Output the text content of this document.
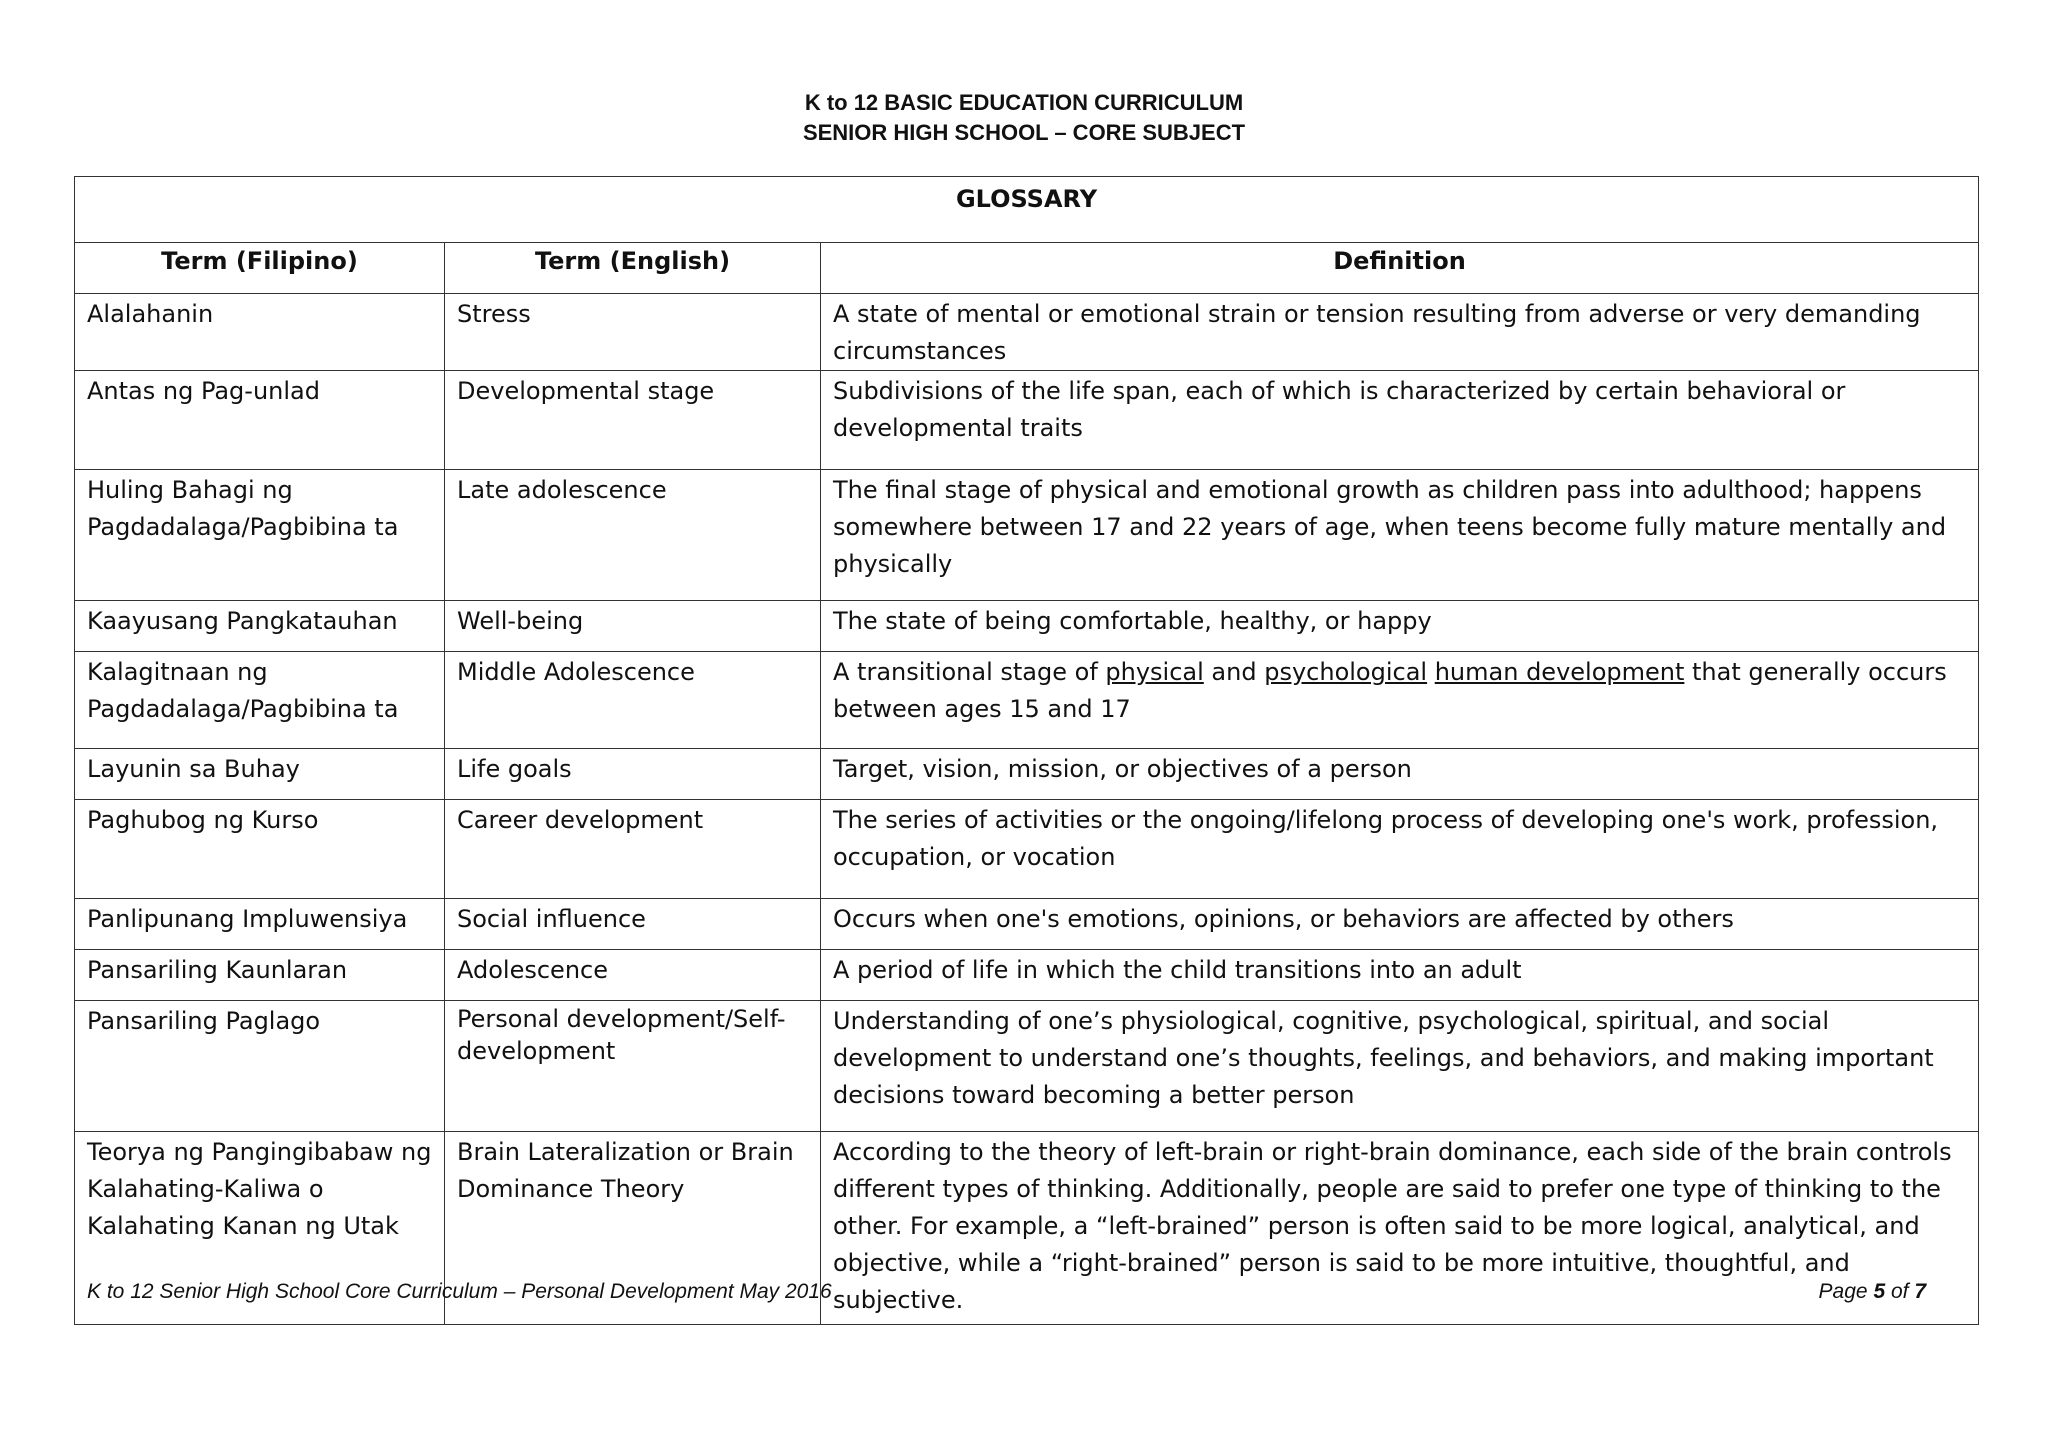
K to 12 BASIC EDUCATION CURRICULUM
SENIOR HIGH SCHOOL – CORE SUBJECT
GLOSSARY		
Term (Filipino)	Term (English)	Definition
Alalahanin	Stress	A state of mental or emotional strain or tension resulting from adverse or very demanding circumstances
Antas ng Pag-unlad	Developmental stage	Subdivisions of the life span, each of which is characterized by certain behavioral or developmental traits
Huling Bahagi ng Pagdadalaga/Pagbibina ta	Late adolescence	The final stage of physical and emotional growth as children pass into adulthood; happens somewhere between 17 and 22 years of age, when teens become fully mature mentally and physically
Kaayusang Pangkatauhan	Well-being	The state of being comfortable, healthy, or happy
Kalagitnaan ng Pagdadalaga/Pagbibina ta	Middle Adolescence	A transitional stage of physical and psychological human development that generally occurs between ages 15 and 17
Layunin sa Buhay	Life goals	Target, vision, mission, or objectives of a person
Paghubog ng Kurso	Career development	The series of activities or the ongoing/lifelong process of developing one's work, profession, occupation, or vocation
Panlipunang Impluwensiya	Social influence	Occurs when one's emotions, opinions, or behaviors are affected by others
Pansariling Kaunlaran	Adolescence	A period of life in which the child transitions into an adult
Pansariling Paglago	Personal development/Self-development	Understanding of one’s physiological, cognitive, psychological, spiritual, and social development to understand one’s thoughts, feelings, and behaviors, and making important decisions toward becoming a better person
Teorya ng Pangingibabaw ng Kalahating-Kaliwa o Kalahating Kanan ng Utak	Brain Lateralization or Brain Dominance Theory	According to the theory of left-brain or right-brain dominance, each side of the brain controls different types of thinking. Additionally, people are said to prefer one type of thinking to the other. For example, a “left-brained” person is often said to be more logical, analytical, and objective, while a “right-brained” person is said to be more intuitive, thoughtful, and subjective.
K to 12 Senior High School Core Curriculum – Personal Development May 2016	Page 5 of 7
